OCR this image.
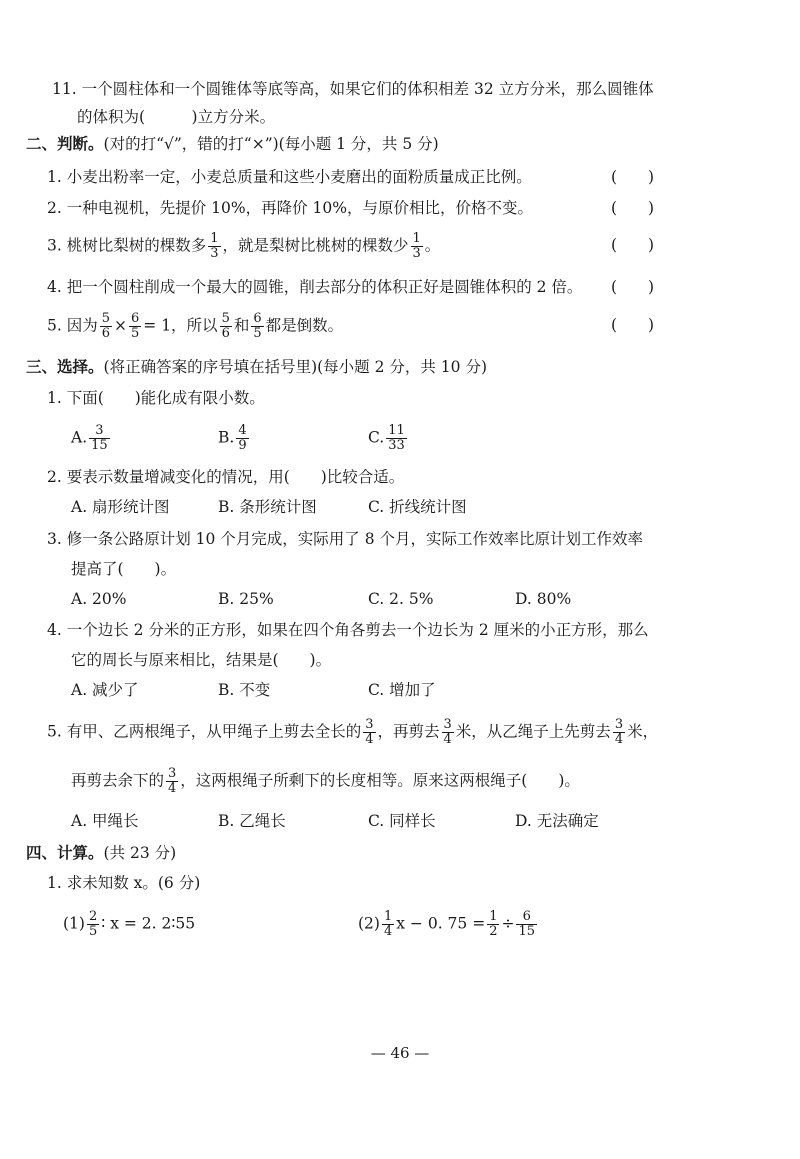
11. 一个圆柱体和一个圆锥体等底等高，如果它们的体积相差 32 立方分米，那么圆锥体
的体积为(　　　)立方分米。
二、判断。(对的打“√”，错的打“×”)(每小题 1 分，共 5 分)
1. 小麦出粉率一定，小麦总质量和这些小麦磨出的面粉质量成正比例。	(　　)
2. 一种电视机，先提价 10%，再降价 10%，与原价相比，价格不变。	(　　)
3. 桃树比梨树的棵数多 $\frac{1}{3}$ ，就是梨树比桃树的棵数少 $\frac{1}{3}$ 。	(　　)
4. 把一个圆柱削成一个最大的圆锥，削去部分的体积正好是圆锥体积的 2 倍。 (　　)
5. 因为 $\frac{5}{6} \times \frac{6}{5} = 1$，所以 $\frac{5}{6}$ 和 $\frac{6}{5}$ 都是倒数。	(　　)
三、选择。(将正确答案的序号填在括号里)(每小题 2 分，共 10 分)
1. 下面(　　)能化成有限小数。
A. $\frac{3}{15}$	B. $\frac{4}{9}$	C. $\frac{11}{33}$
2. 要表示数量增减变化的情况，用(　　)比较合适。
A. 扇形统计图	B. 条形统计图	C. 折线统计图
3. 修一条公路原计划 10 个月完成，实际用了 8 个月，实际工作效率比原计划工作效率
提高了(　　)。
A. 20%	B. 25%	C. 2. 5%	D. 80%
4. 一个边长 2 分米的正方形，如果在四个角各剪去一个边长为 2 厘米的小正方形，那么
它的周长与原来相比，结果是(　　)。
A. 减少了	B. 不变	C. 增加了
5. 有甲、乙两根绳子，从甲绳子上剪去全长的 $\frac{3}{4}$ ，再剪去 $\frac{3}{4}$ 米，从乙绳子上先剪去 $\frac{3}{4}$ 米，
再剪去余下的 $\frac{3}{4}$ ，这两根绳子所剩下的长度相等。原来这两根绳子(　　)。
A. 甲绳长	B. 乙绳长	C. 同样长	D. 无法确定
四、计算。(共 23 分)
1. 求未知数 x。(6 分)
$(1) \frac{2}{5}$ ∶ x = 2. 2∶55	$(2) \frac{1}{4}$ x − 0. $75 = \frac{1}{2} \div \frac{6}{15}$
— 46 —
